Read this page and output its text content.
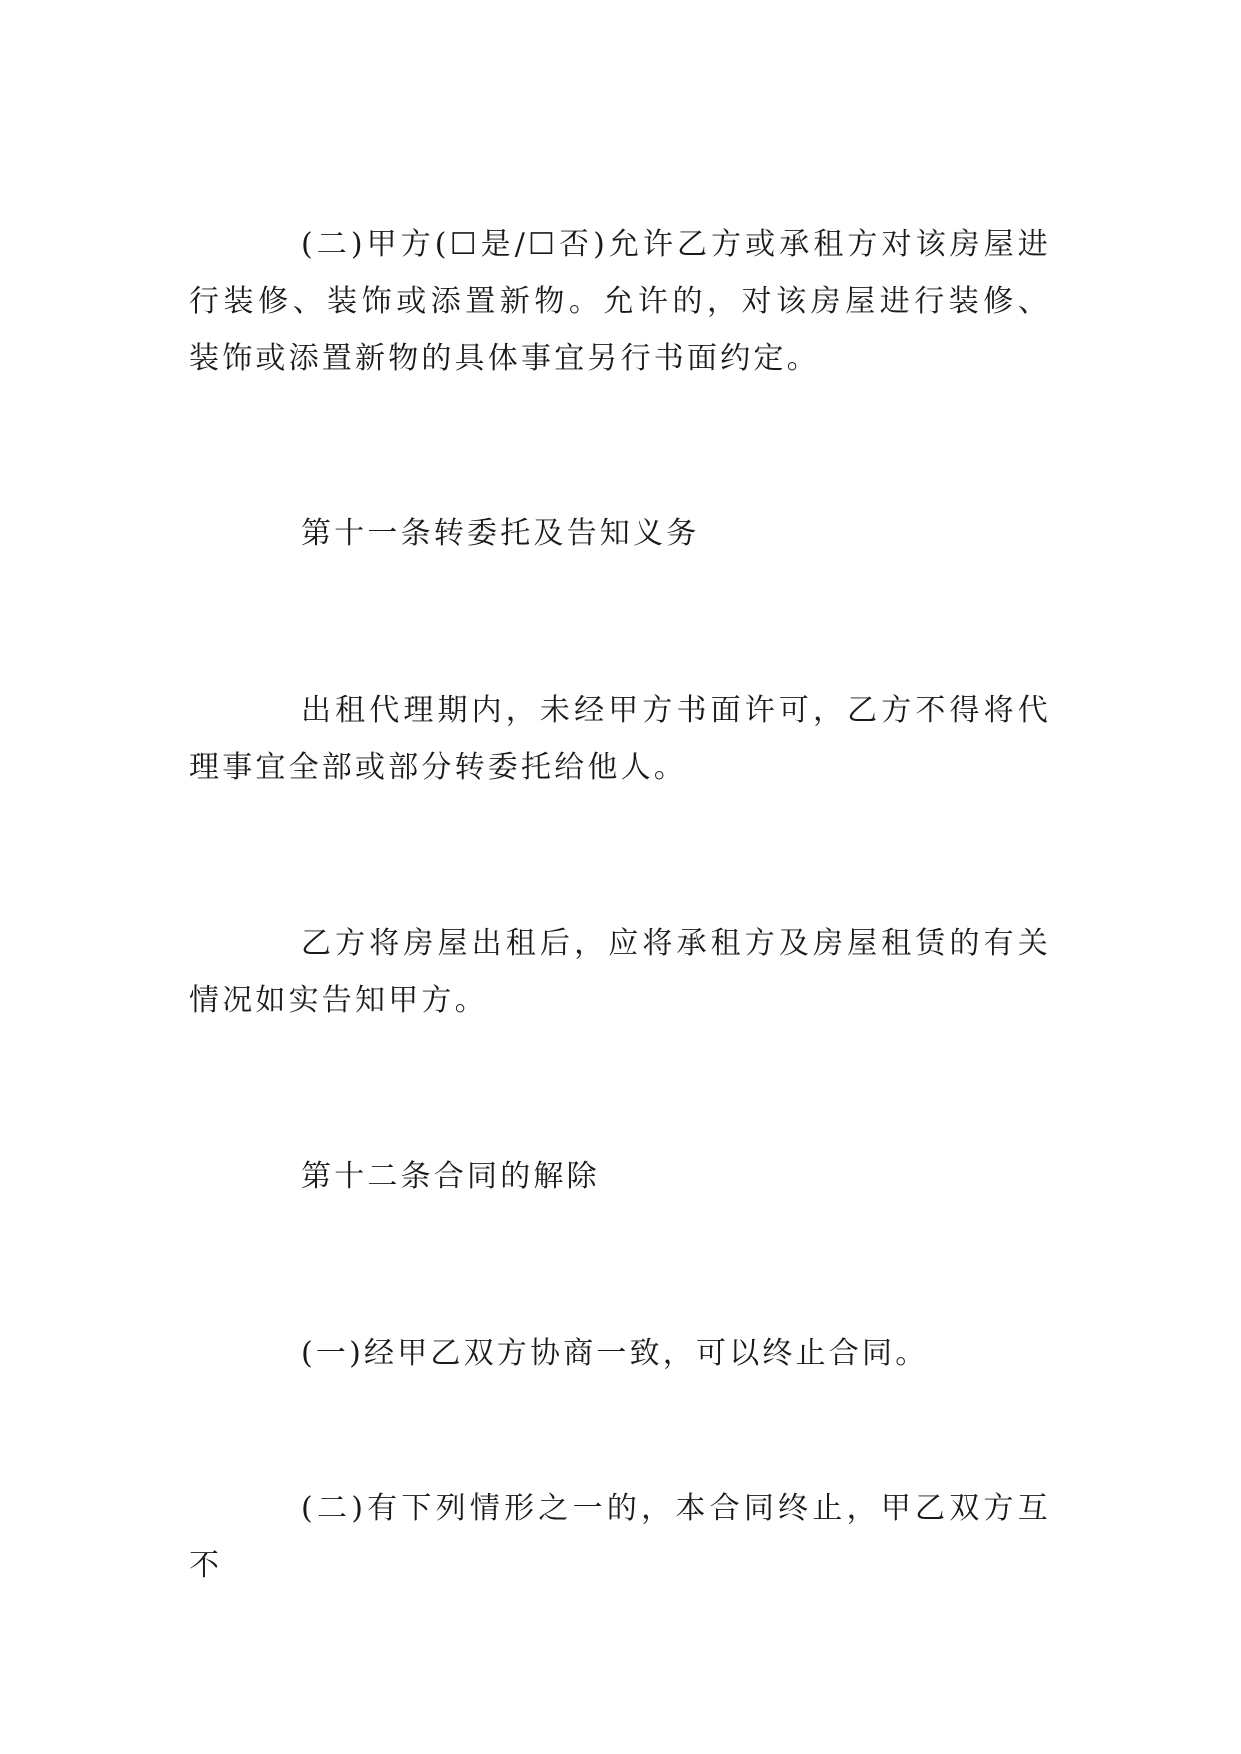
(二)甲方(☐是/☐否)允许乙方或承租方对该房屋进行装修、装饰或添置新物。允许的，对该房屋进行装修、装饰或添置新物的具体事宜另行书面约定。

第十一条转委托及告知义务

出租代理期内，未经甲方书面许可，乙方不得将代理事宜全部或部分转委托给他人。

乙方将房屋出租后，应将承租方及房屋租赁的有关情况如实告知甲方。

第十二条合同的解除

(一)经甲乙双方协商一致，可以终止合同。

(二)有下列情形之一的，本合同终止，甲乙双方互不
